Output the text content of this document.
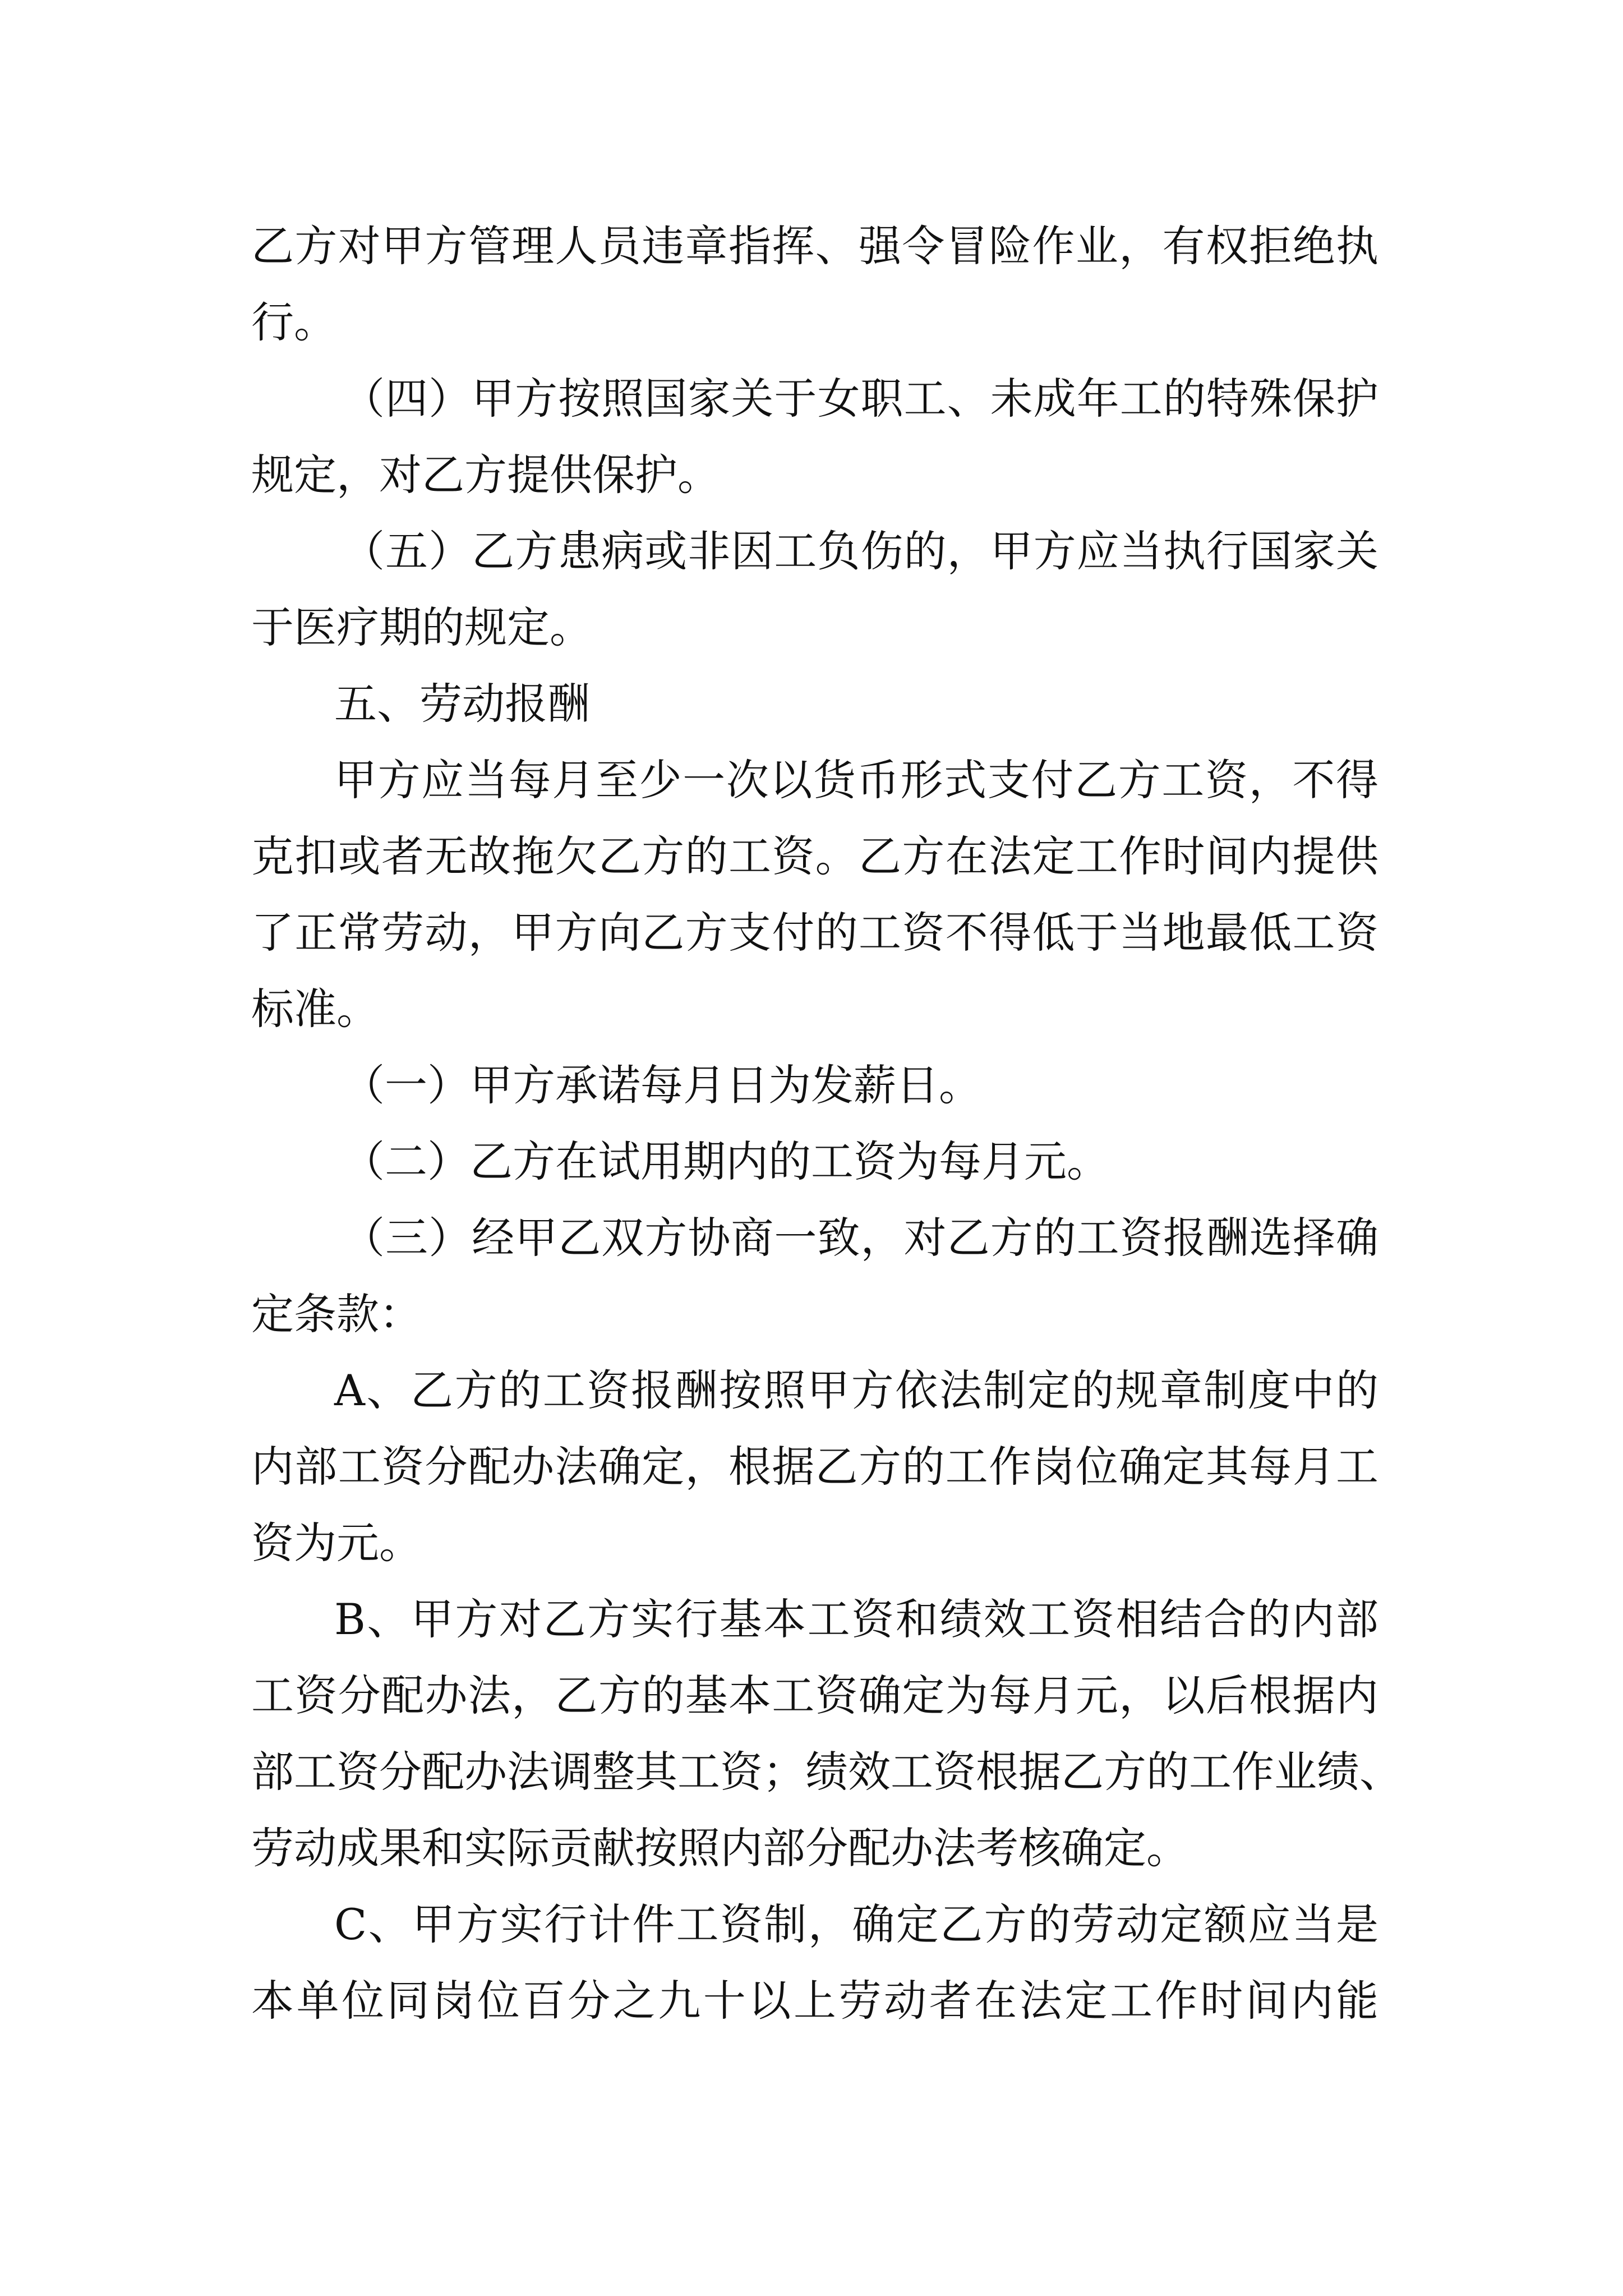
乙方对甲方管理人员违章指挥、强令冒险作业，有权拒绝执
行。
（四）甲方按照国家关于女职工、未成年工的特殊保护
规定，对乙方提供保护。
（五）乙方患病或非因工负伤的，甲方应当执行国家关
于医疗期的规定。
五、劳动报酬
甲方应当每月至少一次以货币形式支付乙方工资，不得
克扣或者无故拖欠乙方的工资。乙方在法定工作时间内提供
了正常劳动，甲方向乙方支付的工资不得低于当地最低工资
标准。
（一）甲方承诺每月日为发薪日。
（二）乙方在试用期内的工资为每月元。
（三）经甲乙双方协商一致，对乙方的工资报酬选择确
定条款：
A、乙方的工资报酬按照甲方依法制定的规章制度中的
内部工资分配办法确定，根据乙方的工作岗位确定其每月工
资为元。
B、甲方对乙方实行基本工资和绩效工资相结合的内部
工资分配办法，乙方的基本工资确定为每月元，以后根据内
部工资分配办法调整其工资；绩效工资根据乙方的工作业绩、
劳动成果和实际贡献按照内部分配办法考核确定。
C、甲方实行计件工资制，确定乙方的劳动定额应当是
本单位同岗位百分之九十以上劳动者在法定工作时间内能
